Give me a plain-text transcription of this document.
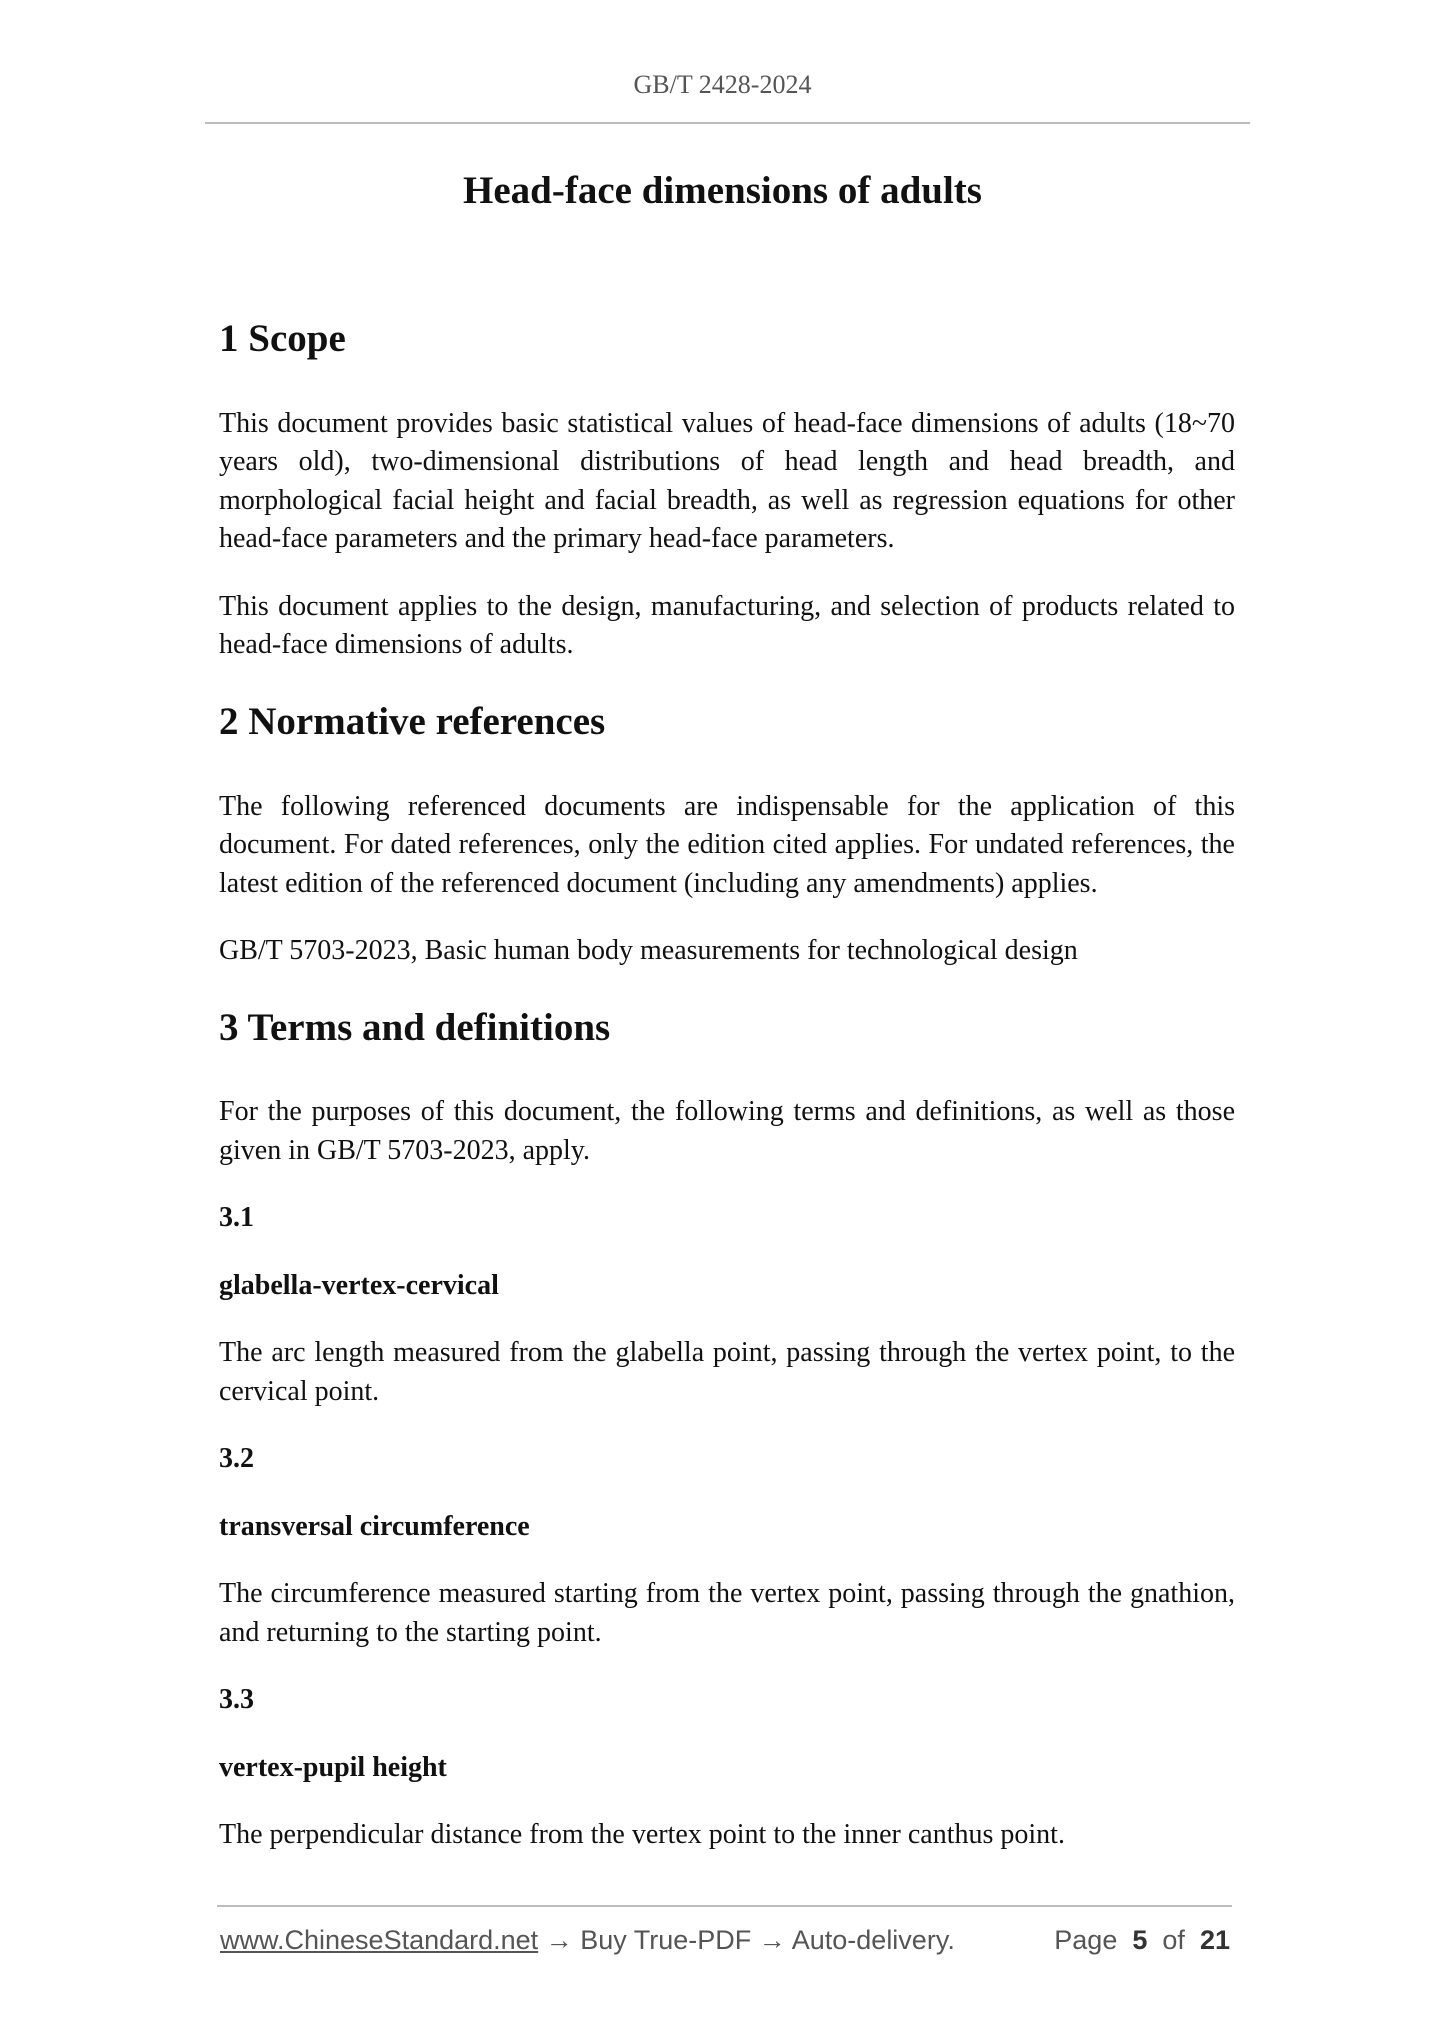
GB/T 2428-2024
Head-face dimensions of adults
1 Scope

This document provides basic statistical values of head-face dimensions of adults (18~70 years old), two-dimensional distributions of head length and head breadth, and morphological facial height and facial breadth, as well as regression equations for other head-face parameters and the primary head-face parameters.

This document applies to the design, manufacturing, and selection of products related to head-face dimensions of adults.

2 Normative references

The following referenced documents are indispensable for the application of this document. For dated references, only the edition cited applies. For undated references, the latest edition of the referenced document (including any amendments) applies.

GB/T 5703-2023, Basic human body measurements for technological design

3 Terms and definitions

For the purposes of this document, the following terms and definitions, as well as those given in GB/T 5703-2023, apply.

3.1

glabella-vertex-cervical

The arc length measured from the glabella point, passing through the vertex point, to the cervical point.

3.2

transversal circumference

The circumference measured starting from the vertex point, passing through the gnathion, and returning to the starting point.

3.3

vertex-pupil height

The perpendicular distance from the vertex point to the inner canthus point.

www.ChineseStandard.net → Buy True-PDF → Auto-delivery.	Page 5 of 21
